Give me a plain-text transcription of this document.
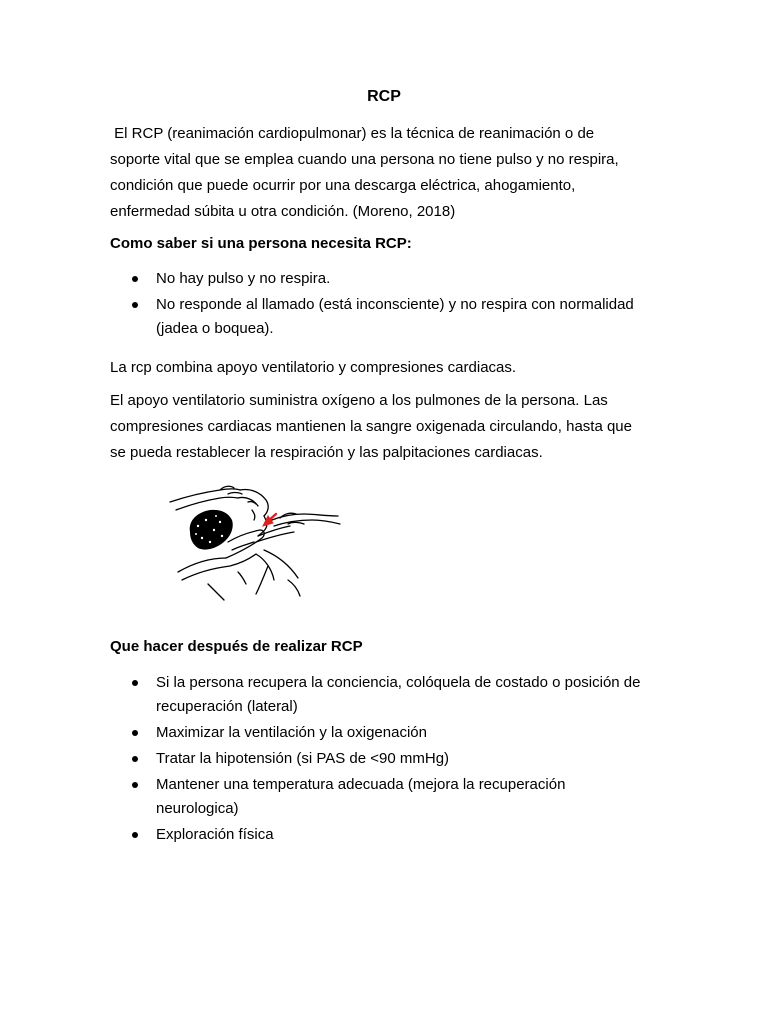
RCP
El RCP (reanimación cardiopulmonar) es la técnica de reanimación o de
soporte vital que se emplea cuando una persona no tiene pulso y no respira,
condición que puede ocurrir por una descarga eléctrica, ahogamiento,
enfermedad súbita u otra condición. (Moreno, 2018)
Como saber si una persona necesita RCP:
No hay pulso y no respira.
No responde al llamado (está inconsciente) y no respira con normalidad
(jadea o boquea).
La rcp combina apoyo ventilatorio y compresiones cardiacas.
El apoyo ventilatorio suministra oxígeno a los pulmones de la persona. Las
compresiones cardiacas mantienen la sangre oxigenada circulando, hasta que
se pueda restablecer la respiración y las palpitaciones cardiacas.
Que hacer después de realizar RCP
Si la persona recupera la conciencia, colóquela de costado o posición de
recuperación (lateral)
Maximizar la ventilación y la oxigenación
Tratar la hipotensión (si PAS de <90 mmHg)
Mantener una temperatura adecuada (mejora la recuperación
neurologica)
Exploración física
